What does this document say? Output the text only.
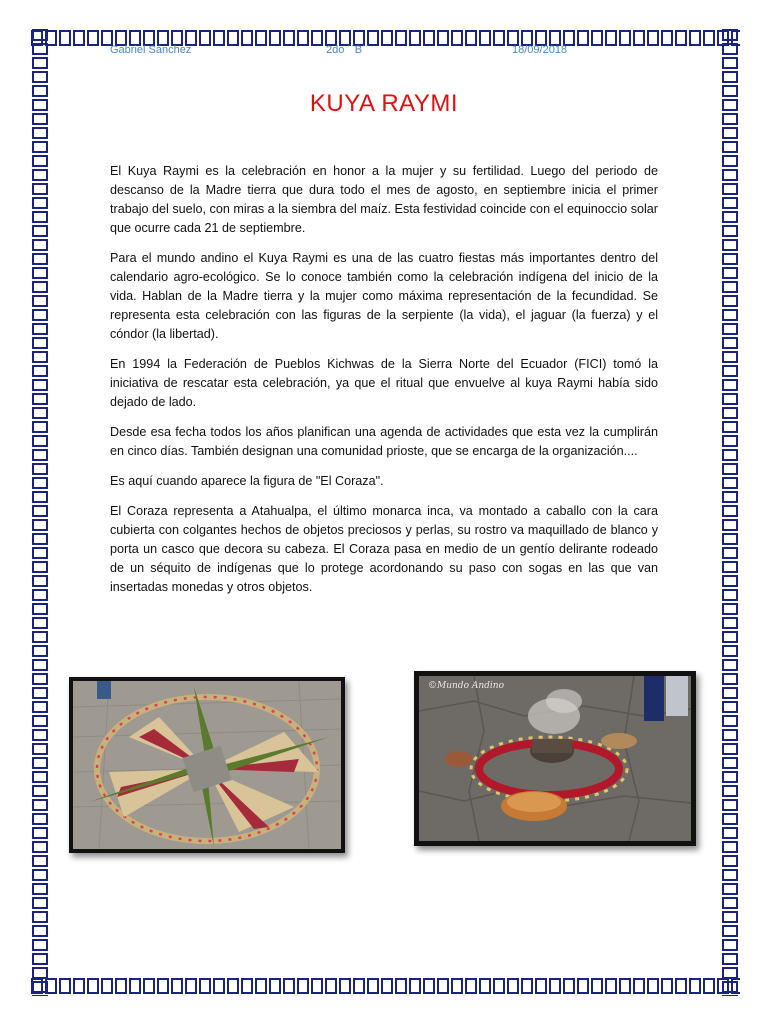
Gabriel Sánchez	2do ´´B´´	18/09/2018
KUYA RAYMI

El Kuya Raymi es la celebración en honor a la mujer y su fertilidad. Luego del periodo de descanso de la Madre tierra que dura todo el mes de agosto, en septiembre inicia el primer trabajo del suelo, con miras a la siembra del maíz. Esta festividad coincide con el equinoccio solar que ocurre cada 21 de septiembre.

Para el mundo andino el Kuya Raymi es una de las cuatro fiestas más importantes dentro del calendario agro-ecológico. Se lo conoce también como la celebración indígena del inicio de la vida. Hablan de la Madre tierra y la mujer como máxima representación de la fecundidad. Se representa esta celebración con las figuras de la serpiente (la vida), el jaguar (la fuerza) y el cóndor (la libertad).

En 1994 la Federación de Pueblos Kichwas de la Sierra Norte del Ecuador (FICI) tomó la iniciativa de rescatar esta celebración, ya que el ritual que envuelve al kuya Raymi había sido dejado de lado.

Desde esa fecha todos los años planifican una agenda de actividades que esta vez la cumplirán en cinco días. También designan una comunidad prioste, que se encarga de la organización....

Es aquí cuando aparece la figura de "El Coraza".

El Coraza representa a Atahualpa, el último monarca inca, va montado a caballo con la cara cubierta con colgantes hechos de objetos preciosos y perlas, su rostro va maquillado de blanco y porta un casco que decora su cabeza. El Coraza pasa en medio de un gentío delirante rodeado de un séquito de indígenas que lo protege acordonando su paso con sogas en las que van insertadas monedas y otros objetos.

©Mundo Andino
